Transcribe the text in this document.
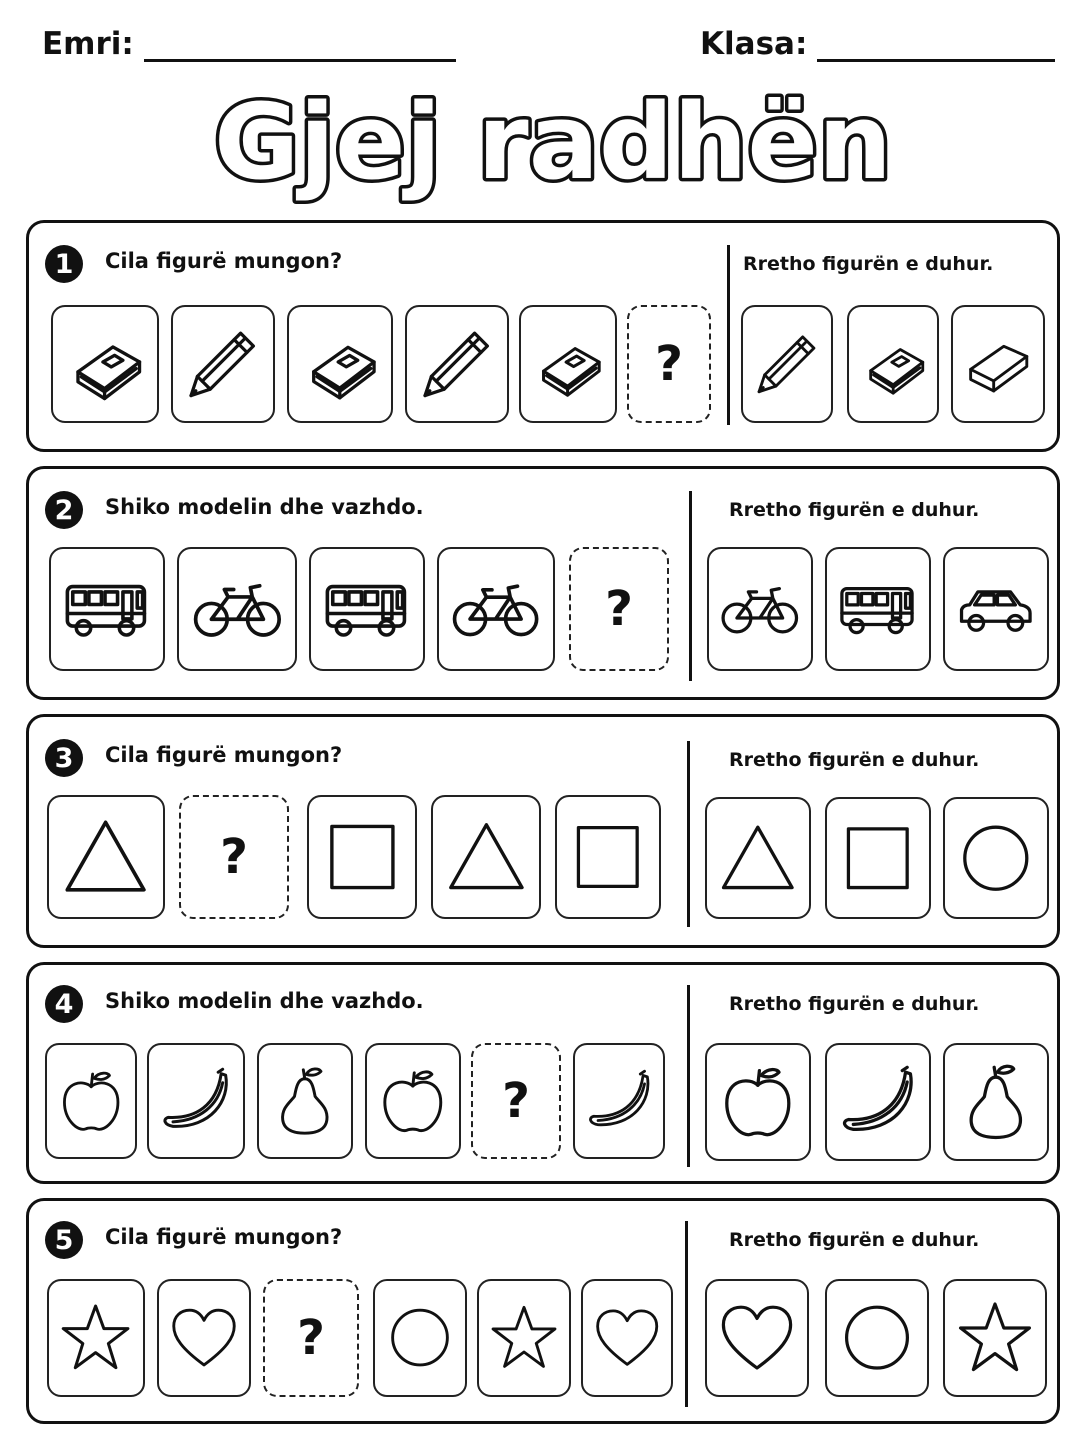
Emri:	Klasa:
Gjej radhën
1	Cila figurë mungon?	Rretho figurën e duhur.
?
2	Shiko modelin dhe vazhdo.	Rretho figurën e duhur.
?
3	Cila figurë mungon?	Rretho figurën e duhur.
?
4	Shiko modelin dhe vazhdo.	Rretho figurën e duhur.
?
5	Cila figurë mungon?	Rretho figurën e duhur.
?
